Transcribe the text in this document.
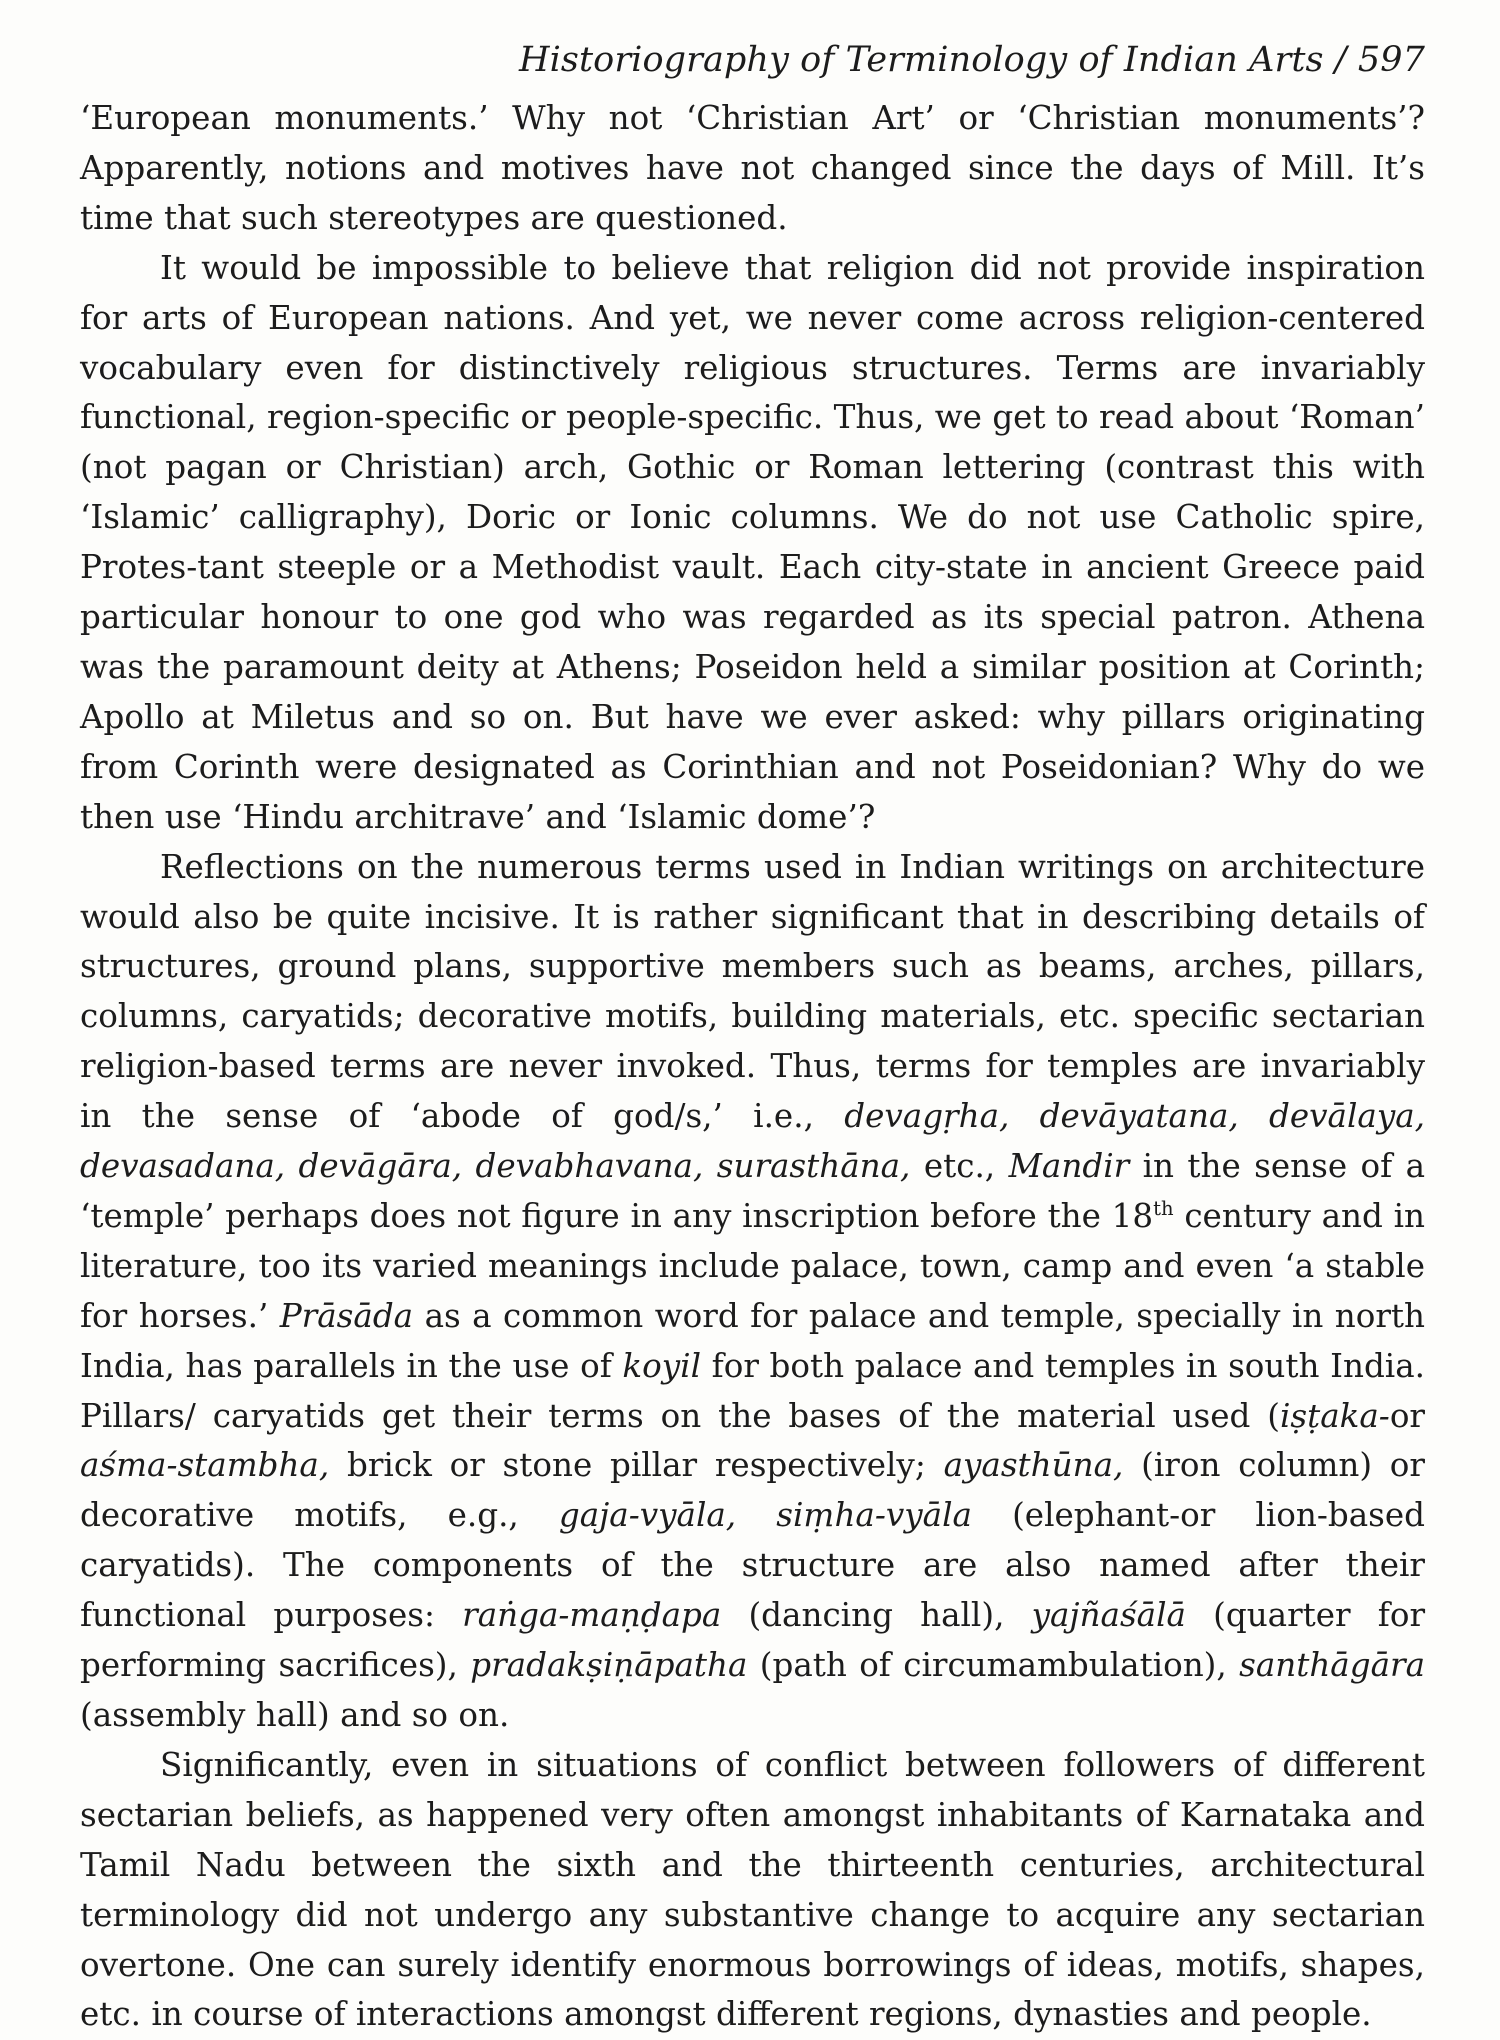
Historiography of Terminology of Indian Arts / 597

‘European monuments.’ Why not ‘Christian Art’ or ‘Christian monuments’? Apparently, notions and motives have not changed since the days of Mill. It’s time that such stereotypes are questioned.

It would be impossible to believe that religion did not provide inspiration for arts of European nations. And yet, we never come across religion-centered vocabulary even for distinctively religious structures. Terms are invariably functional, region-specific or people-specific. Thus, we get to read about ‘Roman’ (not pagan or Christian) arch, Gothic or Roman lettering (contrast this with ‘Islamic’ calligraphy), Doric or Ionic columns. We do not use Catholic spire, Protes-tant steeple or a Methodist vault. Each city-state in ancient Greece paid particular honour to one god who was regarded as its special patron. Athena was the paramount deity at Athens; Poseidon held a similar position at Corinth; Apollo at Miletus and so on. But have we ever asked: why pillars originating from Corinth were designated as Corinthian and not Poseidonian? Why do we then use ‘Hindu architrave’ and ‘Islamic dome’?

Reflections on the numerous terms used in Indian writings on architecture would also be quite incisive. It is rather significant that in describing details of structures, ground plans, supportive members such as beams, arches, pillars, columns, caryatids; decorative motifs, building materials, etc. specific sectarian religion-based terms are never invoked. Thus, terms for temples are invariably in the sense of ‘abode of god/s,’ i.e., devagṛha, devāyatana, devālaya, devasadana, devāgāra, devabhavana, surasthāna, etc., Mandir in the sense of a ‘temple’ perhaps does not figure in any inscription before the 18th century and in literature, too its varied meanings include palace, town, camp and even ‘a stable for horses.’ Prāsāda as a common word for palace and temple, specially in north India, has parallels in the use of koyil for both palace and temples in south India. Pillars/ caryatids get their terms on the bases of the material used (iṣṭaka-or aśma-stambha, brick or stone pillar respectively; ayasthūna, (iron column) or decorative motifs, e.g., gaja-vyāla, siṃha-vyāla (elephant-or lion-based caryatids). The components of the structure are also named after their functional purposes: raṅga-maṇḍapa (dancing hall), yajñaśālā (quarter for performing sacrifices), pradakṣiṇāpatha (path of circumambulation), santhāgāra (assembly hall) and so on.

Significantly, even in situations of conflict between followers of different sectarian beliefs, as happened very often amongst inhabitants of Karnataka and Tamil Nadu between the sixth and the thirteenth centuries, architectural terminology did not undergo any substantive change to acquire any sectarian overtone. One can surely identify enormous borrowings of ideas, motifs, shapes, etc. in course of interactions amongst different regions, dynasties and people.
